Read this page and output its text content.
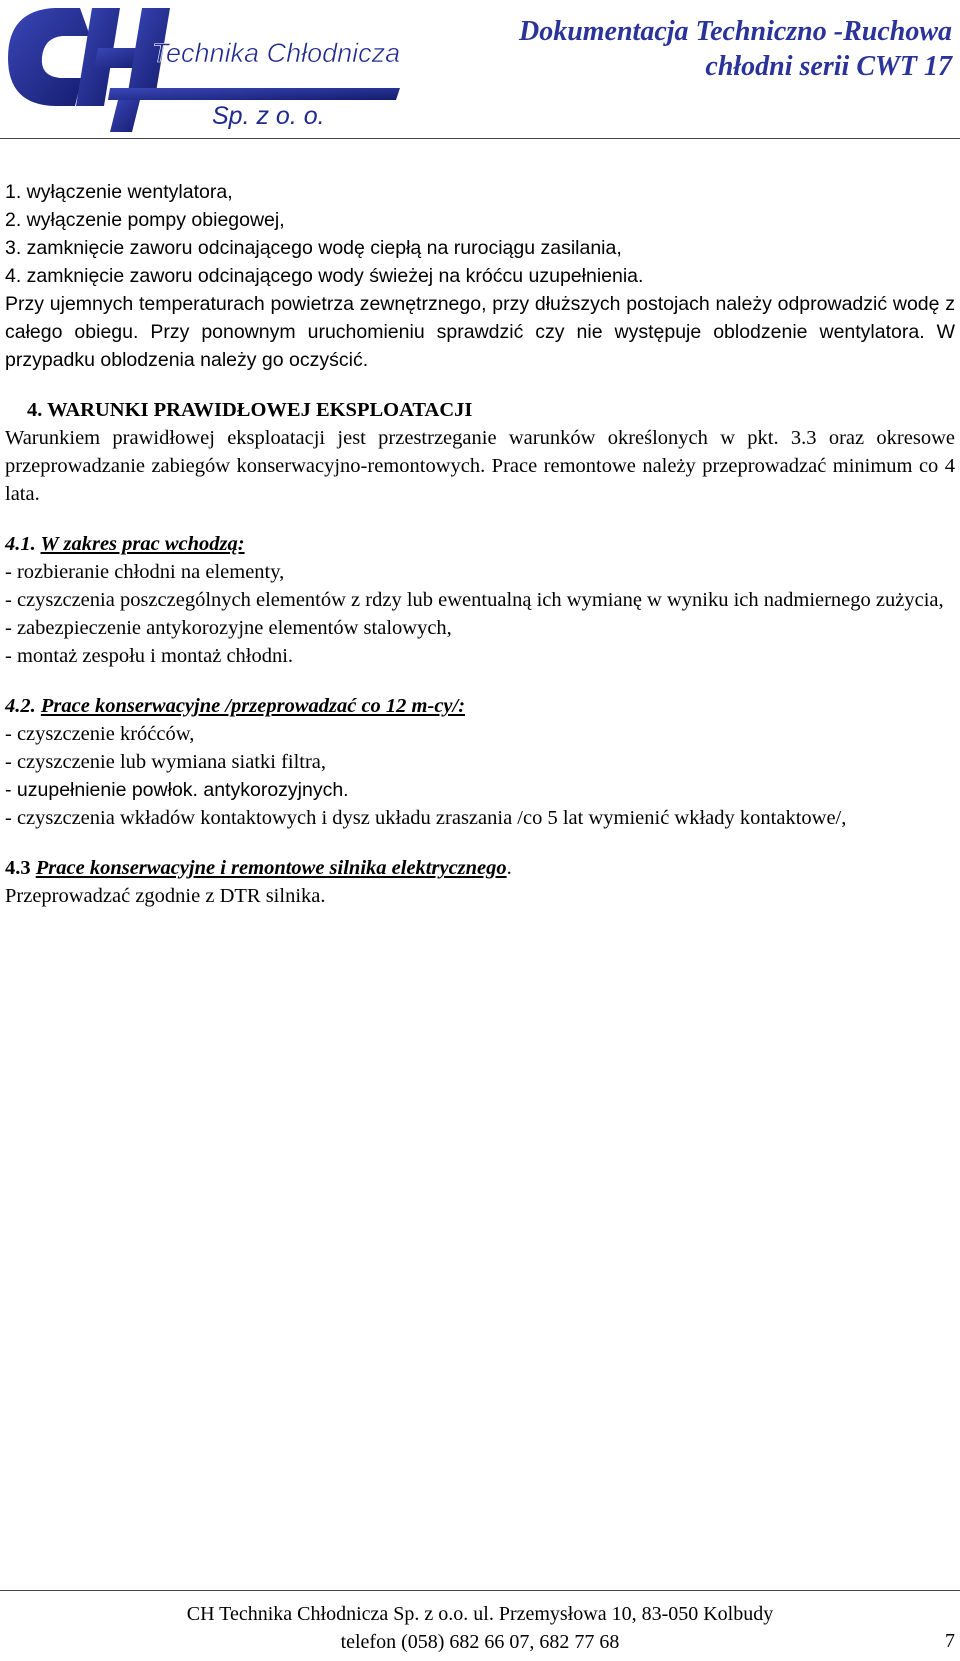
Technika Chłodnicza
Sp. z o. o.
Dokumentacja Techniczno -Ruchowa
chłodni serii CWT 17
1. wyłączenie wentylatora,
2. wyłączenie pompy obiegowej,
3. zamknięcie zaworu odcinającego wodę ciepłą na rurociągu zasilania,
4. zamknięcie zaworu odcinającego wody świeżej na króćcu uzupełnienia.
Przy ujemnych temperaturach powietrza zewnętrznego, przy dłuższych postojach należy odprowadzić wodę z całego obiegu. Przy ponownym uruchomieniu sprawdzić czy nie występuje oblodzenie wentylatora. W przypadku oblodzenia należy go oczyścić.
4. WARUNKI PRAWIDŁOWEJ EKSPLOATACJI
Warunkiem prawidłowej eksploatacji jest przestrzeganie warunków określonych w pkt. 3.3 oraz okresowe przeprowadzanie zabiegów konserwacyjno-remontowych. Prace remontowe należy przeprowadzać minimum co 4 lata.
4.1. W zakres prac wchodzą:
- rozbieranie chłodni na elementy,
- czyszczenia poszczególnych elementów z rdzy lub ewentualną ich wymianę w wyniku ich nadmiernego zużycia,
- zabezpieczenie antykorozyjne elementów stalowych,
- montaż zespołu i montaż chłodni.
4.2. Prace konserwacyjne /przeprowadzać co 12 m-cy/:
- czyszczenie króćców,
- czyszczenie lub wymiana siatki filtra,
- uzupełnienie powłok. antykorozyjnych.
- czyszczenia wkładów kontaktowych i dysz układu zraszania /co 5 lat wymienić wkłady kontaktowe/,
4.3 Prace konserwacyjne i remontowe silnika elektrycznego.
Przeprowadzać zgodnie z DTR silnika.
CH Technika Chłodnicza Sp. z o.o. ul. Przemysłowa 10, 83-050 Kolbudy
telefon (058) 682 66 07, 682 77 68	7
